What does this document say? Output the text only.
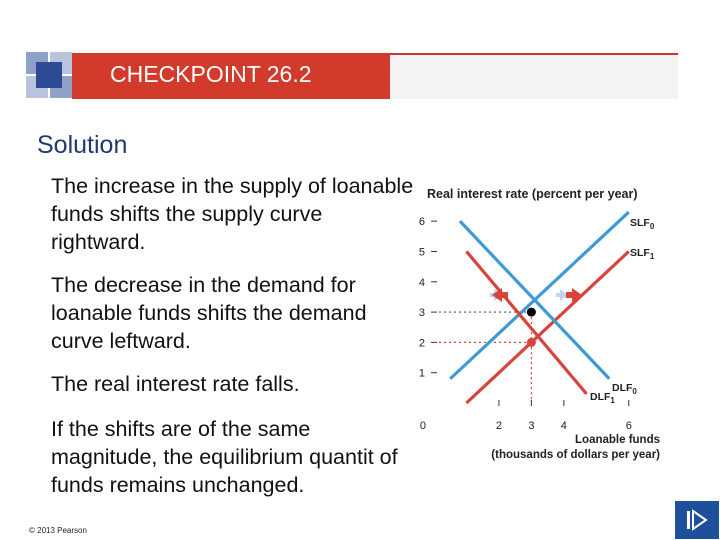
CHECKPOINT 26.2
Solution
The increase in the supply of loanable funds shifts the supply curve rightward.
The decrease in the demand for loanable funds shifts the demand curve leftward.
The real interest rate falls.
If the shifts are of the same magnitude, the equilibrium quantit of funds remains unchanged.
© 2013 Pearson
Real interest rate (percent per year)
1
2
3
4
5
6
2 3 4	6
0
Loanable funds
(thousands of dollars per year)
$SLF_0$
$SLF_1$
$DLF_0$
$DLF_1$
